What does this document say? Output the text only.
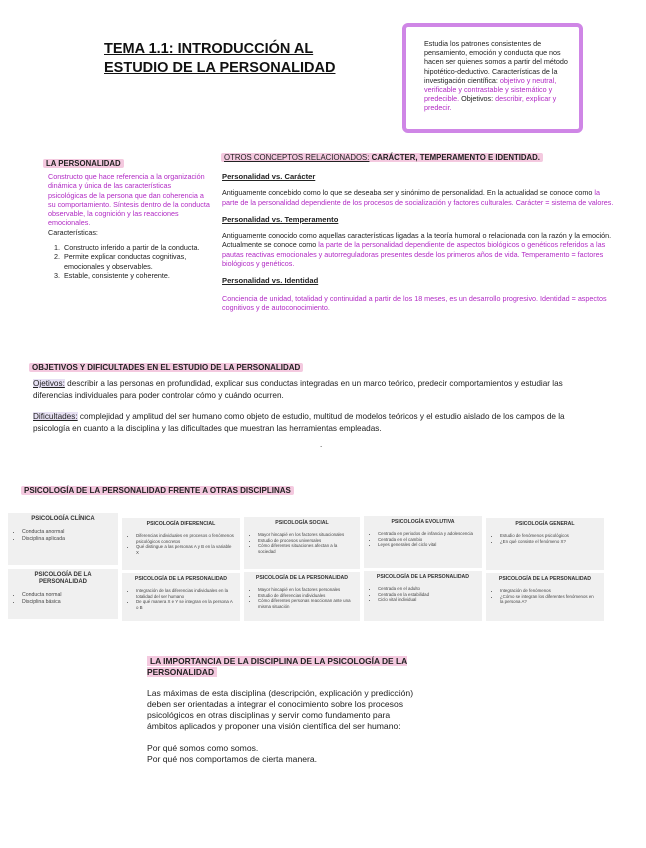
TEMA 1.1: INTRODUCCIÓN AL ESTUDIO DE LA PERSONALIDAD
Estudia los patrones consistentes de pensamiento, emoción y conducta que nos hacen ser quienes somos a partir del método hipotético-deductivo. Características de la investigación científica: objetivo y neutral, verificable y contrastable y sistemático y predecible. Objetivos: describir, explicar y predecir.
LA PERSONALIDAD
Constructo que hace referencia a la organización dinámica y única de las características psicológicas de la persona que dan coherencia a su comportamiento. Síntesis dentro de la conducta observable, la cognición y las reacciones emocionales.
Características:
1. Constructo inferido a partir de la conducta.
2. Permite explicar conductas cognitivas, emocionales y observables.
3. Estable, consistente y coherente.
OTROS CONCEPTOS RELACIONADOS: CARÁCTER, TEMPERAMENTO E IDENTIDAD.
Personalidad vs. Carácter

Antiguamente concebido como lo que se deseaba ser y sinónimo de personalidad. En la actualidad se conoce como la parte de la personalidad dependiente de los procesos de socialización y factores culturales. Carácter = sistema de valores.

Personalidad vs. Temperamento

Antiguamente conocido como aquellas características ligadas a la teoría humoral o relacionada con la razón y la emoción. Actualmente se conoce como la parte de la personalidad dependiente de aspectos biológicos o genéticos referidos a las pautas reactivas emocionales y autorreguladoras presentes desde los primeros años de vida. Temperamento = factores biológicos y genéticos.

Personalidad vs. Identidad

Conciencia de unidad, totalidad y continuidad a partir de los 18 meses, es un desarrollo progresivo. Identidad = aspectos cognitivos y de autoconocimiento.

OBJETIVOS Y DIFICULTADES EN EL ESTUDIO DE LA PERSONALIDAD

Ojetivos: describir a las personas en profundidad, explicar sus conductas integradas en un marco teórico, predecir comportamientos y estudiar las diferencias individuales para poder controlar cómo y cuándo ocurren.

Dificultades: complejidad y amplitud del ser humano como objeto de estudio, multitud de modelos teóricos y el estudio aislado de los campos de la psicología en cuanto a la disciplina y las dificultades que muestran las herramientas empleadas.

.
PSICOLOGÍA DE LA PERSONALIDAD FRENTE A OTRAS DISCIPLINAS
PSICOLOGÍA CLÍNICA
• Conducta anormal
• Disciplina aplicada
PSICOLOGÍA DIFERENCIAL
• Diferencias individuales en procesos o fenómenos psicológicos concretos
• Qué distingue a las personas A y B en la variable X
PSICOLOGÍA SOCIAL
• Mayor hincapié en los factores situacionales
• Estudio de procesos universales
• Cómo diferentes situaciones afectan a la sociedad
PSICOLOGÍA EVOLUTIVA
• Centrada en periodos de infancia y adolescencia
• Centrada en el cambio
• Leyes generales del ciclo vital
PSICOLOGÍA GENERAL
• Estudio de fenómenos psicológicos
• ¿En qué consiste el fenómeno X?
PSICOLOGÍA DE LA PERSONALIDAD
• Conducta normal
• Disciplina básica
PSICOLOGÍA DE LA PERSONALIDAD
• Integración de las diferencias individuales en la totalidad del ser humano
• De qué manera X e Y se integran en la persona A o B
PSICOLOGÍA DE LA PERSONALIDAD
• Mayor hincapié en los factores personales
• Estudio de diferencias individuales
• Cómo diferentes personas reaccionan ante una misma situación
PSICOLOGÍA DE LA PERSONALIDAD
• Centrada en el adulto
• Centrada en la estabilidad
• Ciclo vital individual
PSICOLOGÍA DE LA PERSONALIDAD
• Integración de fenómenos
• ¿Cómo se integran los diferentes fenómenos en la persona A?
LA IMPORTANCIA DE LA DISCIPLINA DE LA PSICOLOGÍA DE LA PERSONALIDAD

Las máximas de esta disciplina (descripción, explicación y predicción) deben ser orientadas a integrar el conocimiento sobre los procesos psicológicos en otras disciplinas y servir como fundamento para ámbitos aplicados y proponer una visión científica del ser humano:

Por qué somos como somos.

Por qué nos comportamos de cierta manera.
